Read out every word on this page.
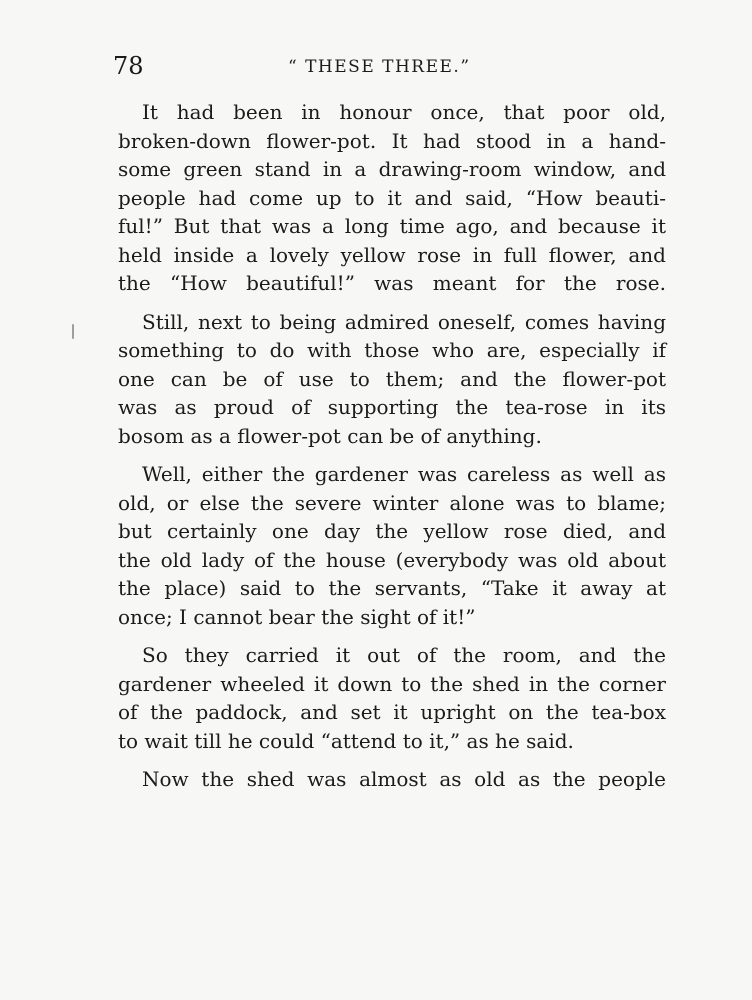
78	“ THESE THREE.”

It had been in honour once, that poor old,
broken-down flower-pot. It had stood in a hand-
some green stand in a drawing-room window, and
people had come up to it and said, “How beauti-
ful!” But that was a long time ago, and because it
held inside a lovely yellow rose in full flower, and
the “How beautiful!” was meant for the rose.

Still, next to being admired oneself, comes having
something to do with those who are, especially if
one can be of use to them; and the flower-pot
was as proud of supporting the tea-rose in its
bosom as a flower-pot can be of anything.

Well, either the gardener was careless as well as
old, or else the severe winter alone was to blame;
but certainly one day the yellow rose died, and
the old lady of the house (everybody was old about
the place) said to the servants, “Take it away at
once; I cannot bear the sight of it!”

So they carried it out of the room, and the
gardener wheeled it down to the shed in the corner
of the paddock, and set it upright on the tea-box
to wait till he could “attend to it,” as he said.

Now the shed was almost as old as the people
